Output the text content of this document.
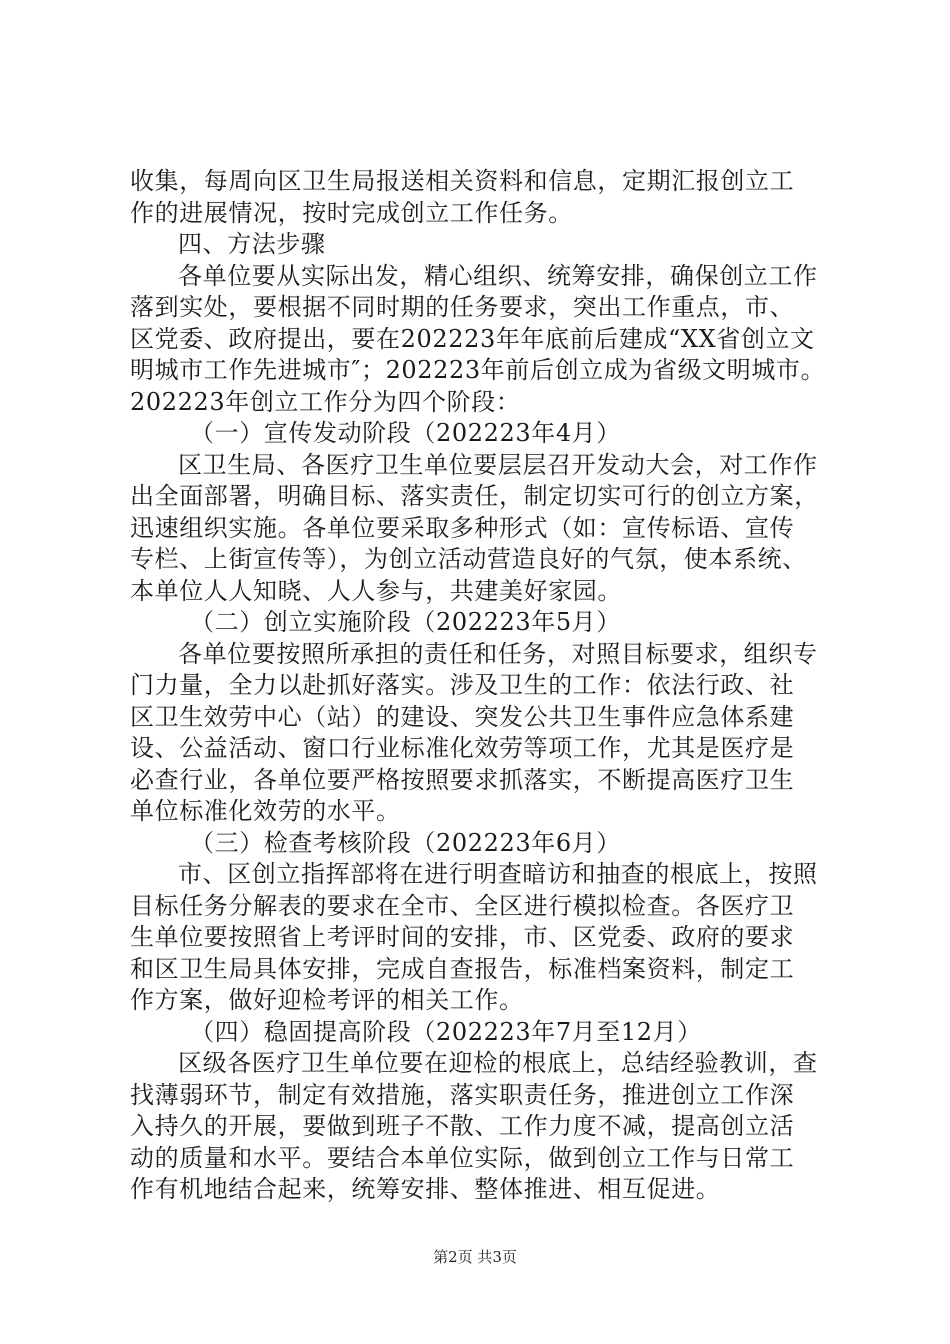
收集，每周向区卫生局报送相关资料和信息，定期汇报创立工
作的进展情况，按时完成创立工作任务。
四、方法步骤
各单位要从实际出发，精心组织、统筹安排，确保创立工作
落到实处，要根据不同时期的任务要求，突出工作重点，市、
区党委、政府提出，要在202223年年底前后建成“XX省创立文
明城市工作先进城市″；202223年前后创立成为省级文明城市。
202223年创立工作分为四个阶段：
（一）宣传发动阶段（202223年4月）
区卫生局、各医疗卫生单位要层层召开发动大会，对工作作
出全面部署，明确目标、落实责任，制定切实可行的创立方案，
迅速组织实施。各单位要采取多种形式（如：宣传标语、宣传
专栏、上街宣传等），为创立活动营造良好的气氛，使本系统、
本单位人人知晓、人人参与，共建美好家园。
（二）创立实施阶段（202223年5月）
各单位要按照所承担的责任和任务，对照目标要求，组织专
门力量，全力以赴抓好落实。涉及卫生的工作：依法行政、社
区卫生效劳中心（站）的建设、突发公共卫生事件应急体系建
设、公益活动、窗口行业标准化效劳等项工作，尤其是医疗是
必查行业，各单位要严格按照要求抓落实，不断提高医疗卫生
单位标准化效劳的水平。
（三）检查考核阶段（202223年6月）
市、区创立指挥部将在进行明查暗访和抽查的根底上，按照
目标任务分解表的要求在全市、全区进行模拟检查。各医疗卫
生单位要按照省上考评时间的安排，市、区党委、政府的要求
和区卫生局具体安排，完成自查报告，标准档案资料，制定工
作方案，做好迎检考评的相关工作。
（四）稳固提高阶段（202223年7月至12月）
区级各医疗卫生单位要在迎检的根底上，总结经验教训，查
找薄弱环节，制定有效措施，落实职责任务，推进创立工作深
入持久的开展，要做到班子不散、工作力度不减，提高创立活
动的质量和水平。要结合本单位实际，做到创立工作与日常工
作有机地结合起来，统筹安排、整体推进、相互促进。
第2页 共3页
